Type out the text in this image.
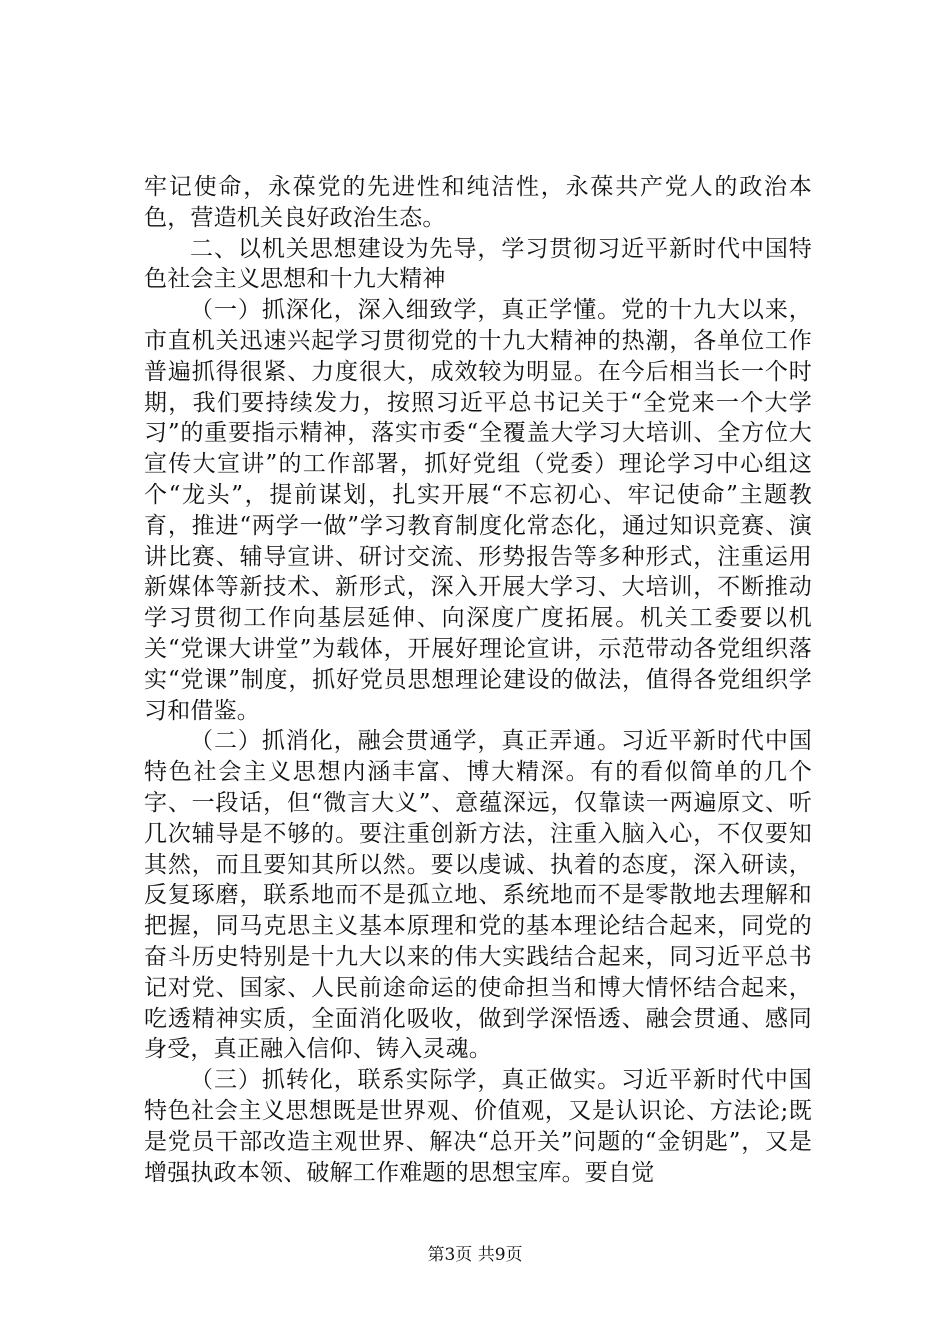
牢记使命，永葆党的先进性和纯洁性，永葆共产党人的政治本色，营造机关良好政治生态。

二、以机关思想建设为先导，学习贯彻习近平新时代中国特色社会主义思想和十九大精神

（一）抓深化，深入细致学，真正学懂。党的十九大以来，市直机关迅速兴起学习贯彻党的十九大精神的热潮，各单位工作普遍抓得很紧、力度很大，成效较为明显。在今后相当长一个时期，我们要持续发力，按照习近平总书记关于“全党来一个大学习”的重要指示精神，落实市委“全覆盖大学习大培训、全方位大宣传大宣讲”的工作部署，抓好党组（党委）理论学习中心组这个“龙头”，提前谋划，扎实开展“不忘初心、牢记使命”主题教育，推进“两学一做”学习教育制度化常态化，通过知识竞赛、演讲比赛、辅导宣讲、研讨交流、形势报告等多种形式，注重运用新媒体等新技术、新形式，深入开展大学习、大培训，不断推动学习贯彻工作向基层延伸、向深度广度拓展。机关工委要以机关“党课大讲堂”为载体，开展好理论宣讲，示范带动各党组织落实“党课”制度，抓好党员思想理论建设的做法，值得各党组织学习和借鉴。

（二）抓消化，融会贯通学，真正弄通。习近平新时代中国特色社会主义思想内涵丰富、博大精深。有的看似简单的几个字、一段话，但“微言大义”、意蕴深远，仅靠读一两遍原文、听几次辅导是不够的。要注重创新方法，注重入脑入心，不仅要知其然，而且要知其所以然。要以虔诚、执着的态度，深入研读，反复琢磨，联系地而不是孤立地、系统地而不是零散地去理解和把握，同马克思主义基本原理和党的基本理论结合起来，同党的奋斗历史特别是十九大以来的伟大实践结合起来，同习近平总书记对党、国家、人民前途命运的使命担当和博大情怀结合起来，吃透精神实质，全面消化吸收，做到学深悟透、融会贯通、感同身受，真正融入信仰、铸入灵魂。

（三）抓转化，联系实际学，真正做实。习近平新时代中国特色社会主义思想既是世界观、价值观，又是认识论、方法论;既是党员干部改造主观世界、解决“总开关”问题的“金钥匙”，又是增强执政本领、破解工作难题的思想宝库。要自觉

第3页 共9页
